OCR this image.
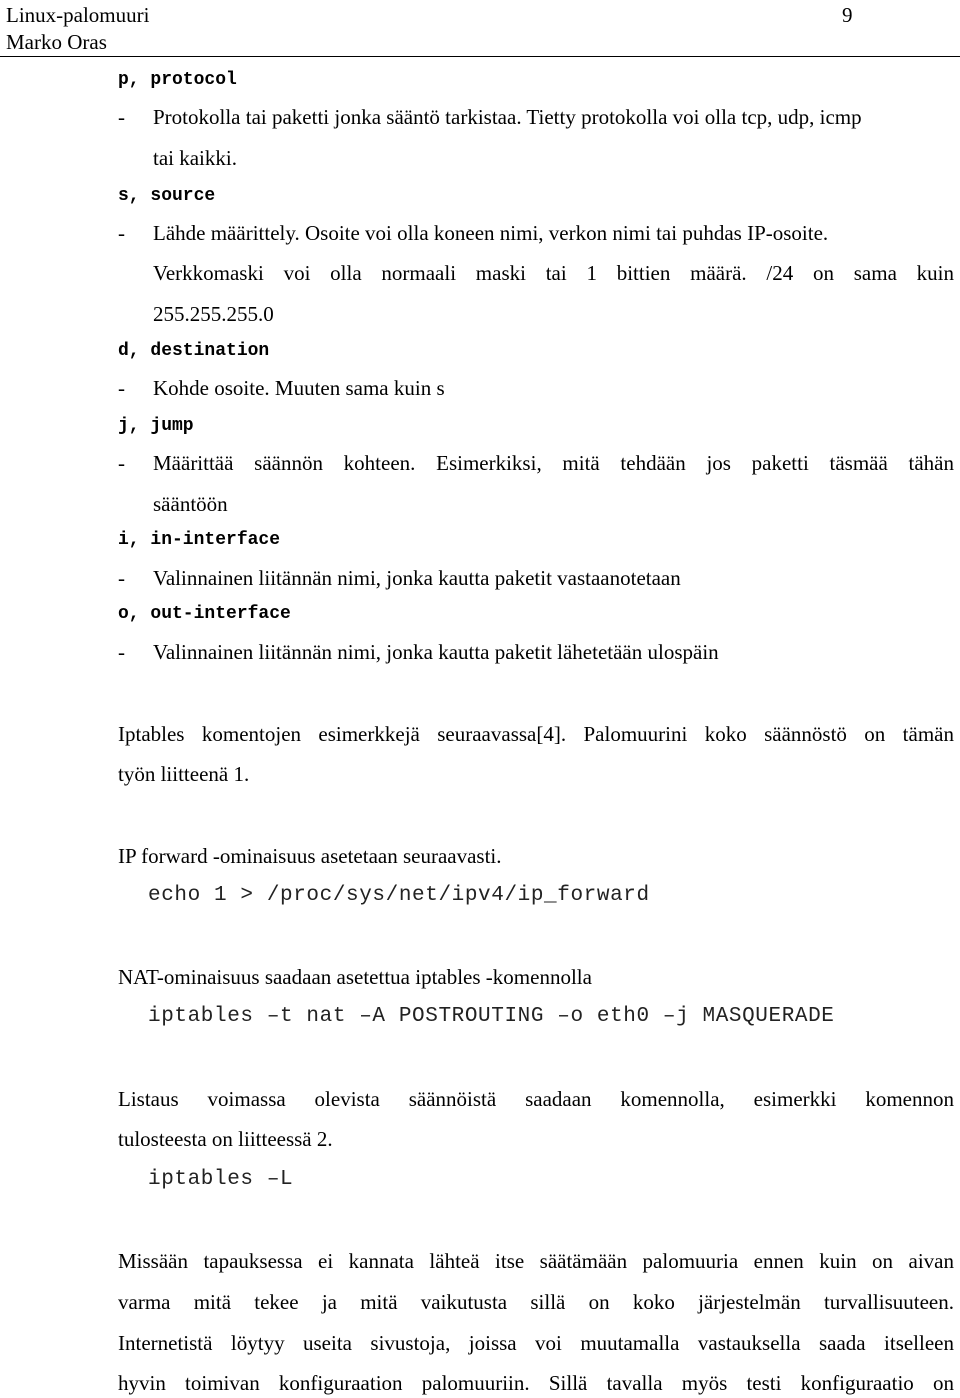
Linux-palomuuri
Marko Oras
9
p, protocol
- Protokolla tai paketti jonka sääntö tarkistaa. Tietty protokolla voi olla tcp, udp, icmp
tai kaikki.
s, source
- Lähde määrittely. Osoite voi olla koneen nimi, verkon nimi tai puhdas IP-osoite.
Verkkomaski voi olla normaali maski tai 1 bittien määrä. /24 on sama kuin
255.255.255.0
d, destination
- Kohde osoite. Muuten sama kuin s
j, jump
- Määrittää säännön kohteen. Esimerkiksi, mitä tehdään jos paketti täsmää tähän
sääntöön
i, in-interface
- Valinnainen liitännän nimi, jonka kautta paketit vastaanotetaan
o, out-interface
- Valinnainen liitännän nimi, jonka kautta paketit lähetetään ulospäin
Iptables komentojen esimerkkejä seuraavassa[4]. Palomuurini koko säännöstö on tämän
työn liitteenä 1.
IP forward -ominaisuus asetetaan seuraavasti.
echo 1 > /proc/sys/net/ipv4/ip_forward
NAT-ominaisuus saadaan asetettua iptables -komennolla
iptables –t nat –A POSTROUTING –o eth0 –j MASQUERADE
Listaus voimassa olevista säännöistä saadaan komennolla, esimerkki komennon
tulosteesta on liitteessä 2.
iptables –L
Missään tapauksessa ei kannata lähteä itse säätämään palomuuria ennen kuin on aivan
varma mitä tekee ja mitä vaikutusta sillä on koko järjestelmän turvallisuuteen.
Internetistä löytyy useita sivustoja, joissa voi muutamalla vastauksella saada itselleen
hyvin toimivan konfiguraation palomuuriin. Sillä tavalla myös testi konfiguraatio on
